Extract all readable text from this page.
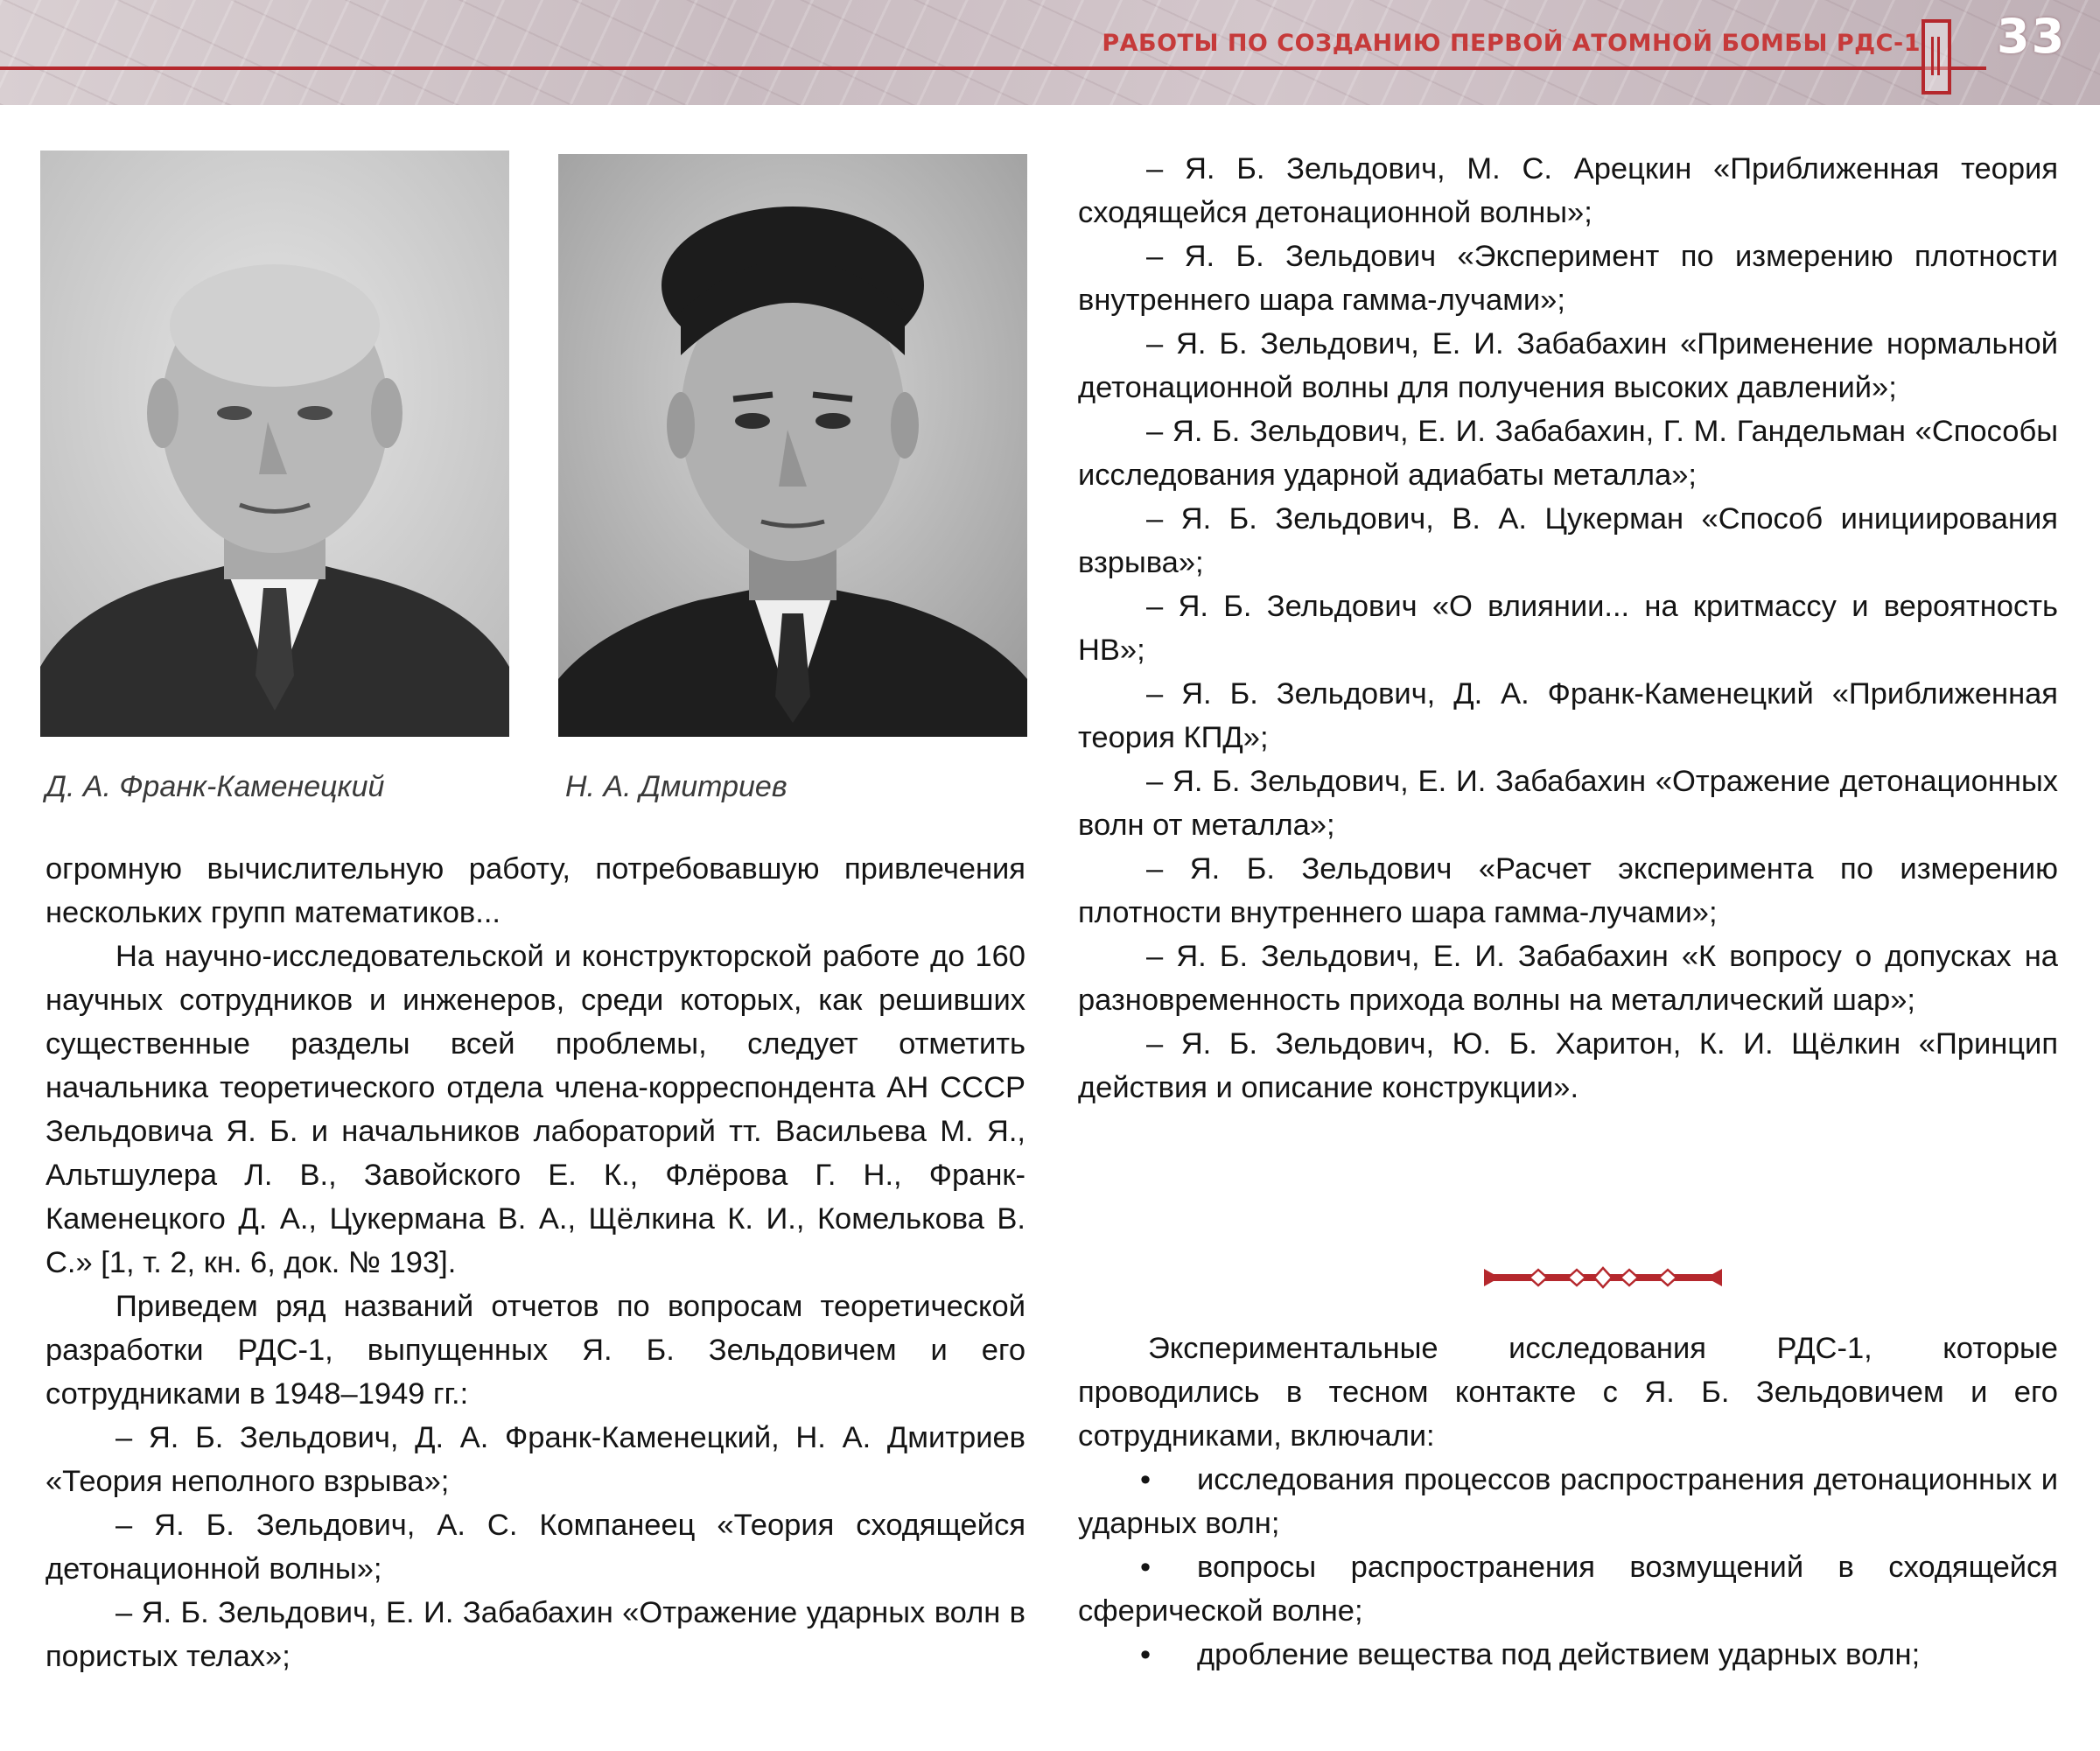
РАБОТЫ ПО СОЗДАНИЮ ПЕРВОЙ АТОМНОЙ БОМБЫ РДС-1 33
Д. А. Франк-Каменецкий	Н. А. Дмитриев

огромную вычислительную работу, потребовавшую привлечения нескольких групп математиков...

На научно-исследовательской и конструкторской работе до 160 научных сотрудников и инженеров, среди которых, как решивших существенные разделы всей проблемы, следует отметить начальника теоретического отдела члена-корреспондента АН СССР Зельдовича Я. Б. и начальников лабораторий тт. Васильева М. Я., Альтшулера Л. В., Завойского Е. К., Флёрова Г. Н., Франк-Каменецкого Д. А., Цукермана В. А., Щёлкина К. И., Комелькова В. С.» [1, т. 2, кн. 6, док. № 193].

Приведем ряд названий отчетов по вопросам теоретической разработки РДС-1, выпущенных Я. Б. Зельдовичем и его сотрудниками в 1948–1949 гг.:

– Я. Б. Зельдович, Д. А. Франк-Каменецкий, Н. А. Дмитриев «Теория неполного взрыва»;

– Я. Б. Зельдович, А. С. Компанеец «Теория сходящейся детонационной волны»;

– Я. Б. Зельдович, Е. И. Забабахин «Отражение ударных волн в пористых телах»;

– Я. Б. Зельдович, М. С. Арецкин «Приближенная теория сходящейся детонационной волны»;

– Я. Б. Зельдович «Эксперимент по измерению плотности внутреннего шара гамма-лучами»;

– Я. Б. Зельдович, Е. И. Забабахин «Применение нормальной детонационной волны для получения высоких давлений»;

– Я. Б. Зельдович, Е. И. Забабахин, Г. М. Гандельман «Способы исследования ударной адиабаты металла»;

– Я. Б. Зельдович, В. А. Цукерман «Способ инициирования взрыва»;

– Я. Б. Зельдович «О влиянии... на критмассу и вероятность НВ»;

– Я. Б. Зельдович, Д. А. Франк-Каменецкий «Приближенная теория КПД»;

– Я. Б. Зельдович, Е. И. Забабахин «Отражение детонационных волн от металла»;

– Я. Б. Зельдович «Расчет эксперимента по измерению плотности внутреннего шара гамма-лучами»;

– Я. Б. Зельдович, Е. И. Забабахин «К вопросу о допусках на разновременность прихода волны на металлический шар»;

– Я. Б. Зельдович, Ю. Б. Харитон, К. И. Щёлкин «Принцип действия и описание конструкции».

Экспериментальные исследования РДС-1, которые проводились в тесном контакте с Я. Б. Зельдовичем и его сотрудниками, включали:

• исследования процессов распространения детонационных и ударных волн;

• вопросы распространения возмущений в сходящейся сферической волне;

• дробление вещества под действием ударных волн;
